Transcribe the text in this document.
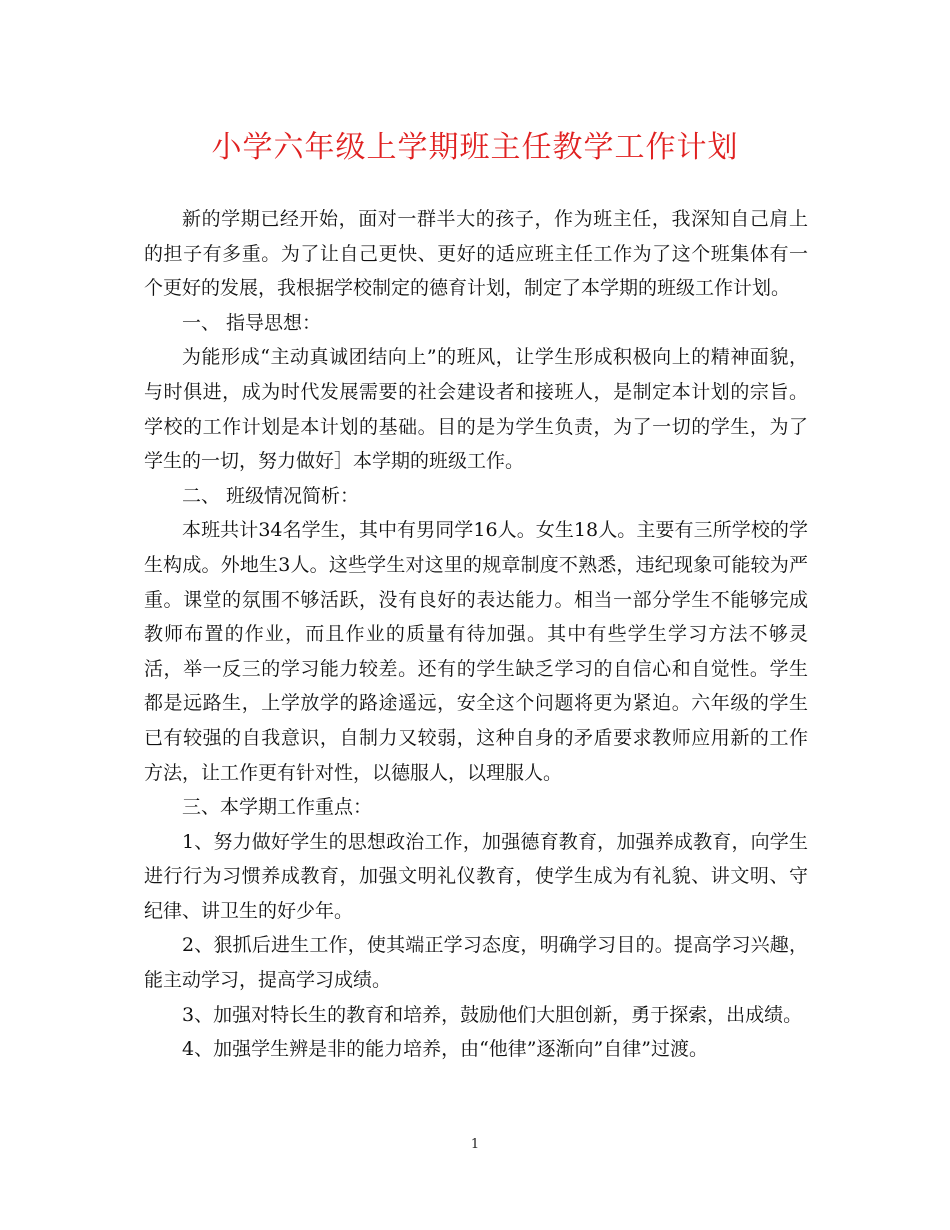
小学六年级上学期班主任教学工作计划

新的学期已经开始，面对一群半大的孩子，作为班主任，我深知自己肩上的担子有多重。为了让自己更快、更好的适应班主任工作为了这个班集体有一个更好的发展，我根据学校制定的德育计划，制定了本学期的班级工作计划。

一、 指导思想：

为能形成“主动真诚团结向上”的班风，让学生形成积极向上的精神面貌，与时俱进，成为时代发展需要的社会建设者和接班人，是制定本计划的宗旨。学校的工作计划是本计划的基础。目的是为学生负责，为了一切的学生，为了学生的一切，努力做好］本学期的班级工作。

二、 班级情况简析：

本班共计34名学生，其中有男同学16人。女生18人。主要有三所学校的学生构成。外地生3人。这些学生对这里的规章制度不熟悉，违纪现象可能较为严重。课堂的氛围不够活跃，没有良好的表达能力。相当一部分学生不能够完成教师布置的作业，而且作业的质量有待加强。其中有些学生学习方法不够灵活，举一反三的学习能力较差。还有的学生缺乏学习的自信心和自觉性。学生都是远路生，上学放学的路途遥远，安全这个问题将更为紧迫。六年级的学生已有较强的自我意识，自制力又较弱，这种自身的矛盾要求教师应用新的工作方法，让工作更有针对性，以德服人，以理服人。

三、本学期工作重点：

1、努力做好学生的思想政治工作，加强德育教育，加强养成教育，向学生进行行为习惯养成教育，加强文明礼仪教育，使学生成为有礼貌、讲文明、守纪律、讲卫生的好少年。

2、狠抓后进生工作，使其端正学习态度，明确学习目的。提高学习兴趣，能主动学习，提高学习成绩。

3、加强对特长生的教育和培养，鼓励他们大胆创新，勇于探索，出成绩。

4、加强学生辨是非的能力培养，由“他律”逐渐向”自律”过渡。

1
